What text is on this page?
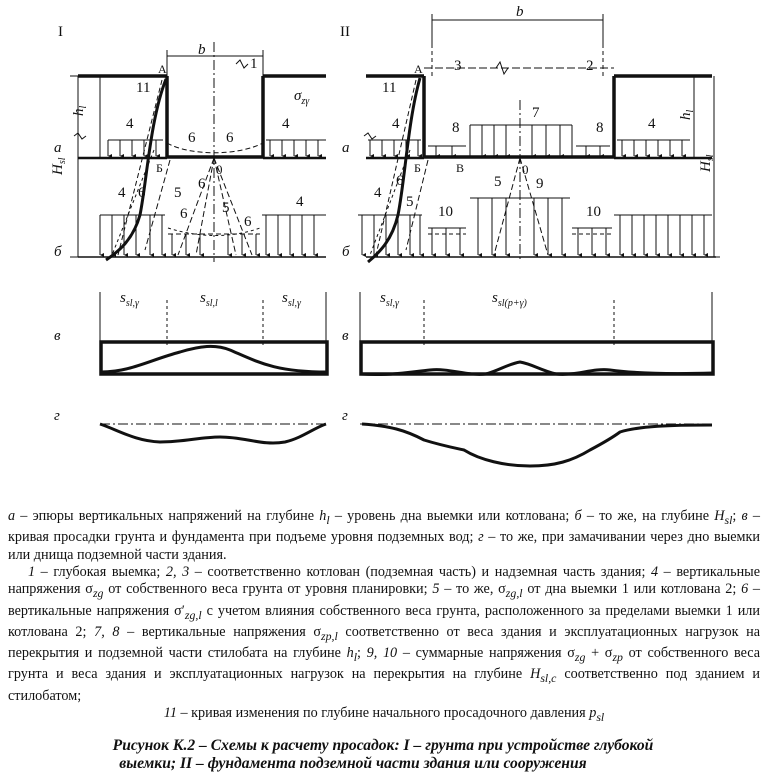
I	II
b
b
$h_l$
$H_{sl}$
$h_l$
$H_{sl}$
а
б
а
б
в
г
в
г
А
Б	0
А
Б	В	0
$\sigma_{z\gamma}$
11
1
4	4
6 6
4 6 5
6
6
5
6
4
11
3	2
4	8
7
8	4
4
6
5
10
5 9
10
$s_{sl,\gamma}$	$s_{sl,l}$	$s_{sl,\gamma}$	$s_{sl,\gamma}$	$s_{sl(p+\gamma)}$

а – эпюры вертикальных напряжений на глубине $h_l$ – уровень дна выемки или котлована; б – то же, на глубине $H_{sl}$; в – кривая просадки грунта и фундамента при подъеме уровня подземных вод; г – то же, при замачивании через дно выемки или днища подземной части здания.

1 – глубокая выемка; 2, 3 – соответственно котлован (подземная часть) и надземная часть здания; 4 – вертикальные напряжения $\sigma_{zg}$ от собственного веса грунта от уровня планировки; 5 – то же, $\sigma_{zg,l}$ от дна выемки 1 или котлована 2; 6 – вертикальные напряжения $\sigma'_{zg,l}$ с учетом влияния собственного веса грунта, расположенного за пределами выемки 1 или котлована 2; 7, 8 – вертикальные напряжения $\sigma_{zp,l}$ соответственно от веса здания и эксплуатационных нагрузок на перекрытия и подземной части стилобата на глубине $h_l$; 9, 10 – суммарные напряжения $\sigma_{zg} + \sigma_{zp}$ от собственного веса грунта и веса здания и эксплуатационных нагрузок на перекрытия на глубине $H_{sl,c}$ соответственно под зданием и стилобатом;

11 – кривая изменения по глубине начального просадочного давления $p_{sl}$

Рисунок К.2 – Схемы к расчету просадок: I – грунта при устройстве глубокой
выемки; II – фундамента подземной части здания или сооружения
